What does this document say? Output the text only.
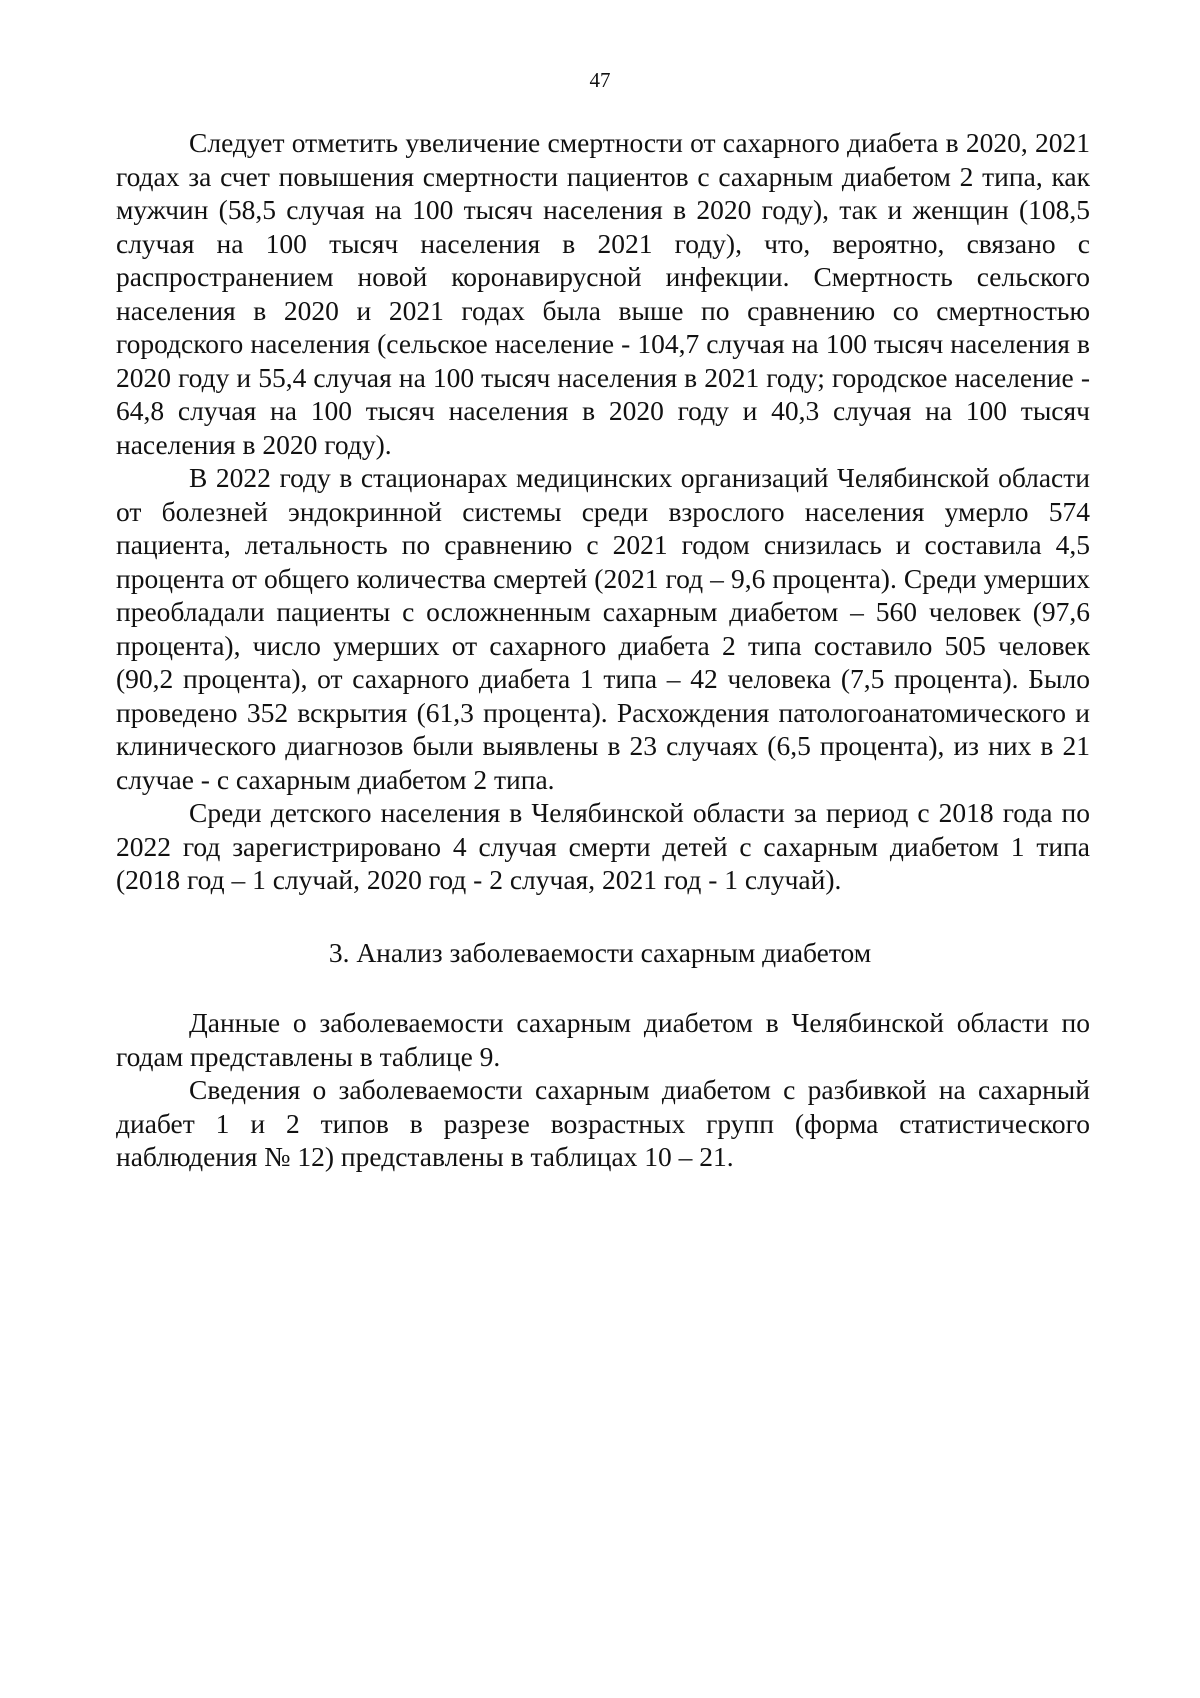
47

Следует отметить увеличение смертности от сахарного диабета в 2020, 2021 годах за счет повышения смертности пациентов с сахарным диабетом 2 типа, как мужчин (58,5 случая на 100 тысяч населения в 2020 году), так и женщин (108,5 случая на 100 тысяч населения в 2021 году), что, вероятно, связано с распространением новой коронавирусной инфекции. Смертность сельского населения в 2020 и 2021 годах была выше по сравнению со смертностью городского населения (сельское население - 104,7 случая на 100 тысяч населения в 2020 году и 55,4 случая на 100 тысяч населения в 2021 году; городское население - 64,8 случая на 100 тысяч населения в 2020 году и 40,3 случая на 100 тысяч населения в 2020 году).

В 2022 году в стационарах медицинских организаций Челябинской области от болезней эндокринной системы среди взрослого населения умерло 574 пациента, летальность по сравнению с 2021 годом снизилась и составила 4,5 процента от общего количества смертей (2021 год – 9,6 процента). Среди умерших преобладали пациенты с осложненным сахарным диабетом – 560 человек (97,6 процента), число умерших от сахарного диабета 2 типа составило 505 человек (90,2 процента), от сахарного диабета 1 типа – 42 человека (7,5 процента). Было проведено 352 вскрытия (61,3 процента). Расхождения патологоанатомического и клинического диагнозов были выявлены в 23 случаях (6,5 процента), из них в 21 случае - с сахарным диабетом 2 типа.

Среди детского населения в Челябинской области за период с 2018 года по 2022 год зарегистрировано 4 случая смерти детей с сахарным диабетом 1 типа (2018 год – 1 случай, 2020 год - 2 случая, 2021 год - 1 случай).

3. Анализ заболеваемости сахарным диабетом

Данные о заболеваемости сахарным диабетом в Челябинской области по годам представлены в таблице 9.

Сведения о заболеваемости сахарным диабетом с разбивкой на сахарный диабет 1 и 2 типов в разрезе возрастных групп (форма статистического наблюдения № 12) представлены в таблицах 10 – 21.
